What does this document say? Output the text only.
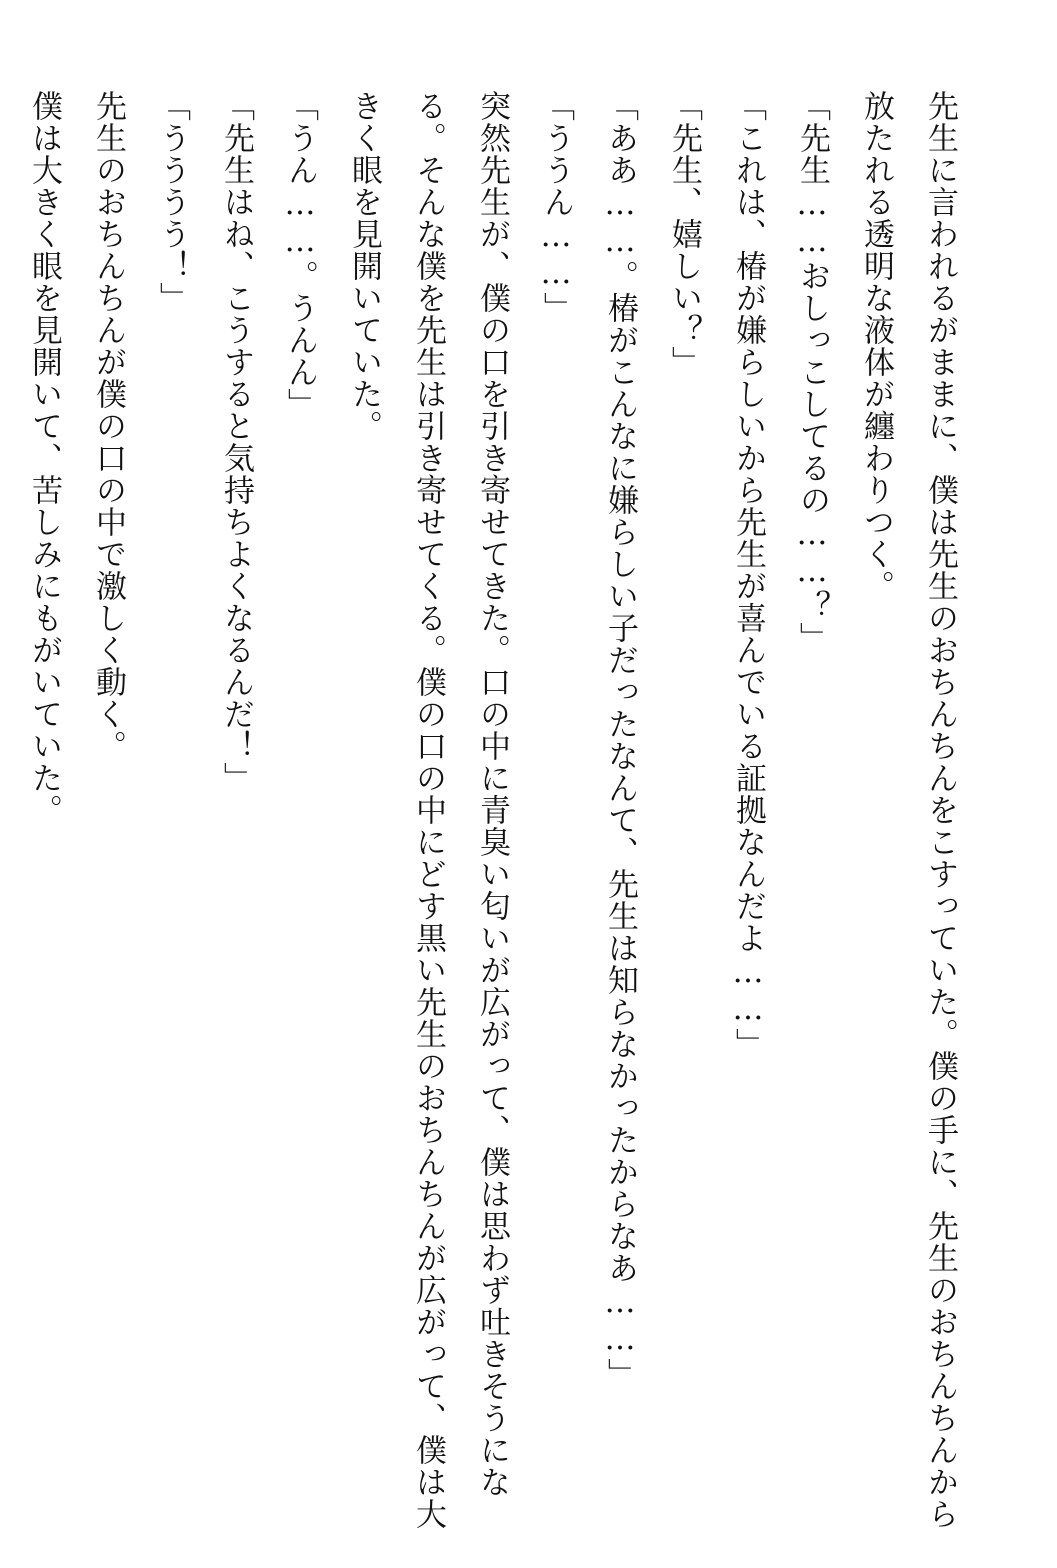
先生に言われるがままに、僕は先生のおちんちんをこすっていた。僕の手に、先生のおちんちんから放たれる透明な液体が纏わりつく。

「先生……おしっこしてるの……？」

「これは、椿が嫌らしいから先生が喜んでいる証拠なんだよ……」

「先生、嬉しい？」

「ああ……。椿がこんなに嫌らしい子だったなんて、先生は知らなかったからなあ……」

「ううん……」

突然先生が、僕の口を引き寄せてきた。口の中に青臭い匂いが広がって、僕は思わず吐きそうになる。そんな僕を先生は引き寄せてくる。僕の口の中にどす黒い先生のおちんちんが広がって、僕は大きく眼を見開いていた。

「うん……。うんん」

「先生はね、こうすると気持ちよくなるんだ！」

「うううう！」

先生のおちんちんが僕の口の中で激しく動く。

僕は大きく眼を見開いて、苦しみにもがいていた。
